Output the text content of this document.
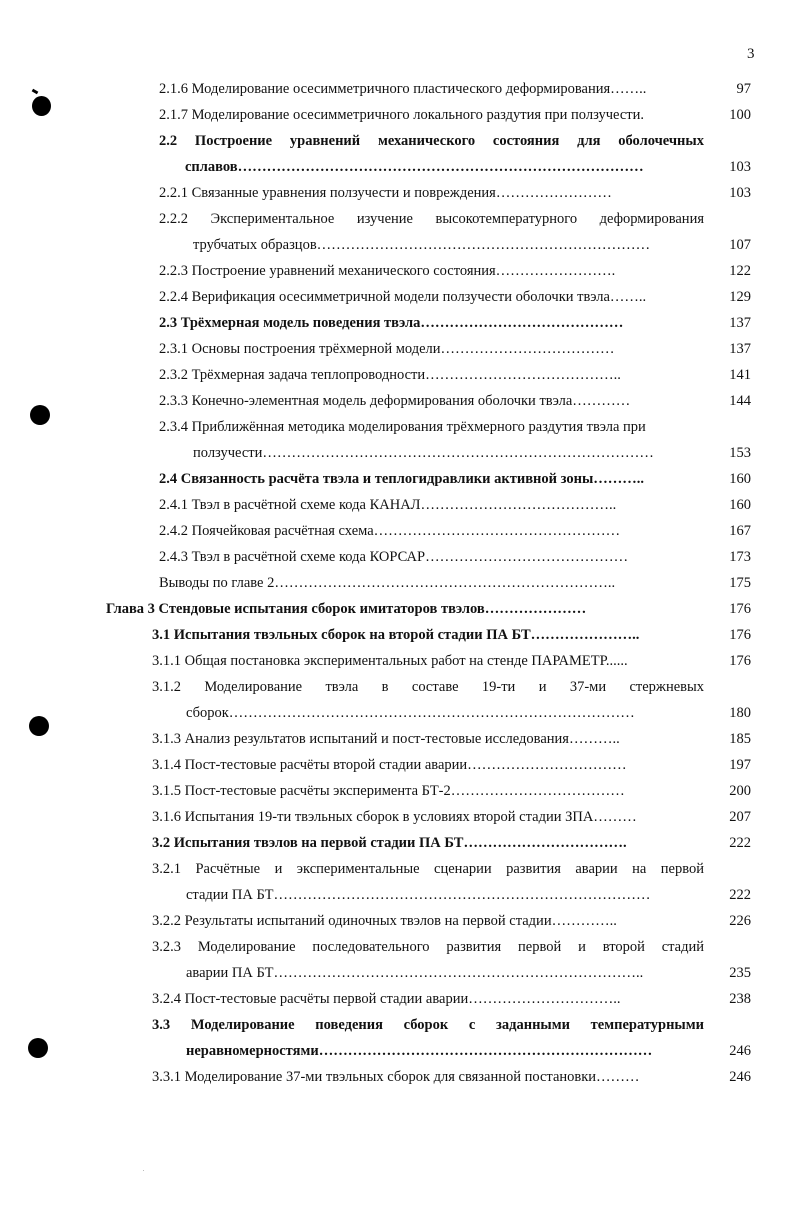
3
2.1.6 Моделирование осесимметричного пластического деформирования……..	97
2.1.7 Моделирование осесимметричного локального раздутия при ползучести.	100
2.2 Построение уравнений механического состояния для оболочечных
сплавов…………………………………………………………………………	103
2.2.1 Связанные уравнения ползучести и повреждения……………………	103
2.2.2 Экспериментальное изучение высокотемпературного деформирования
трубчатых образцов……………………………………………………………	107
2.2.3 Построение уравнений механического состояния…………………….	122
2.2.4 Верификация осесимметричной модели ползучести оболочки твэла……..	129
2.3 Трёхмерная модель поведения твэла……………………………………	137
2.3.1 Основы построения трёхмерной модели………………………………	137
2.3.2 Трёхмерная задача теплопроводности…………………………………..	141
2.3.3 Конечно-элементная модель деформирования оболочки твэла…………	144
2.3.4 Приближённая методика моделирования трёхмерного раздутия твэла при
ползучести………………………………………………………………………	153
2.4 Связанность расчёта твэла и теплогидравлики активной зоны………..	160
2.4.1 Твэл в расчётной схеме кода КАНАЛ…………………………………..	160
2.4.2 Поячейковая расчётная схема……………………………………………	167
2.4.3 Твэл в расчётной схеме кода КОРСАР……………………………………	173
Выводы по главе 2……………………………………………………………..	175
Глава 3 Стендовые испытания сборок имитаторов твэлов…………………	176
3.1 Испытания твэльных сборок на второй стадии ПА БТ…………………..	176
3.1.1 Общая постановка экспериментальных работ на стенде ПАРАМЕТР......	176
3.1.2 Моделирование твэла в составе 19-ти и 37-ми стержневых
сборок…………………………………………………………………………	180
3.1.3 Анализ результатов испытаний и пост-тестовые исследования………..	185
3.1.4 Пост-тестовые расчёты второй стадии аварии……………………………	197
3.1.5 Пост-тестовые расчёты эксперимента БТ-2………………………………	200
3.1.6 Испытания 19-ти твэльных сборок в условиях второй стадии ЗПА………	207
3.2 Испытания твэлов на первой стадии ПА БТ…………………………….	222
3.2.1 Расчётные и экспериментальные сценарии развития аварии на первой
стадии ПА БТ……………………………………………………………………	222
3.2.2 Результаты испытаний одиночных твэлов на первой стадии…………..	226
3.2.3 Моделирование последовательного развития первой и второй стадий
аварии ПА БТ…………………………………………………………………..	235
3.2.4 Пост-тестовые расчёты первой стадии аварии…………………………..	238
3.3 Моделирование поведения сборок с заданными температурными
неравномерностями……………………………………………………………	246
3.3.1 Моделирование 37-ми твэльных сборок для связанной постановки………	246
